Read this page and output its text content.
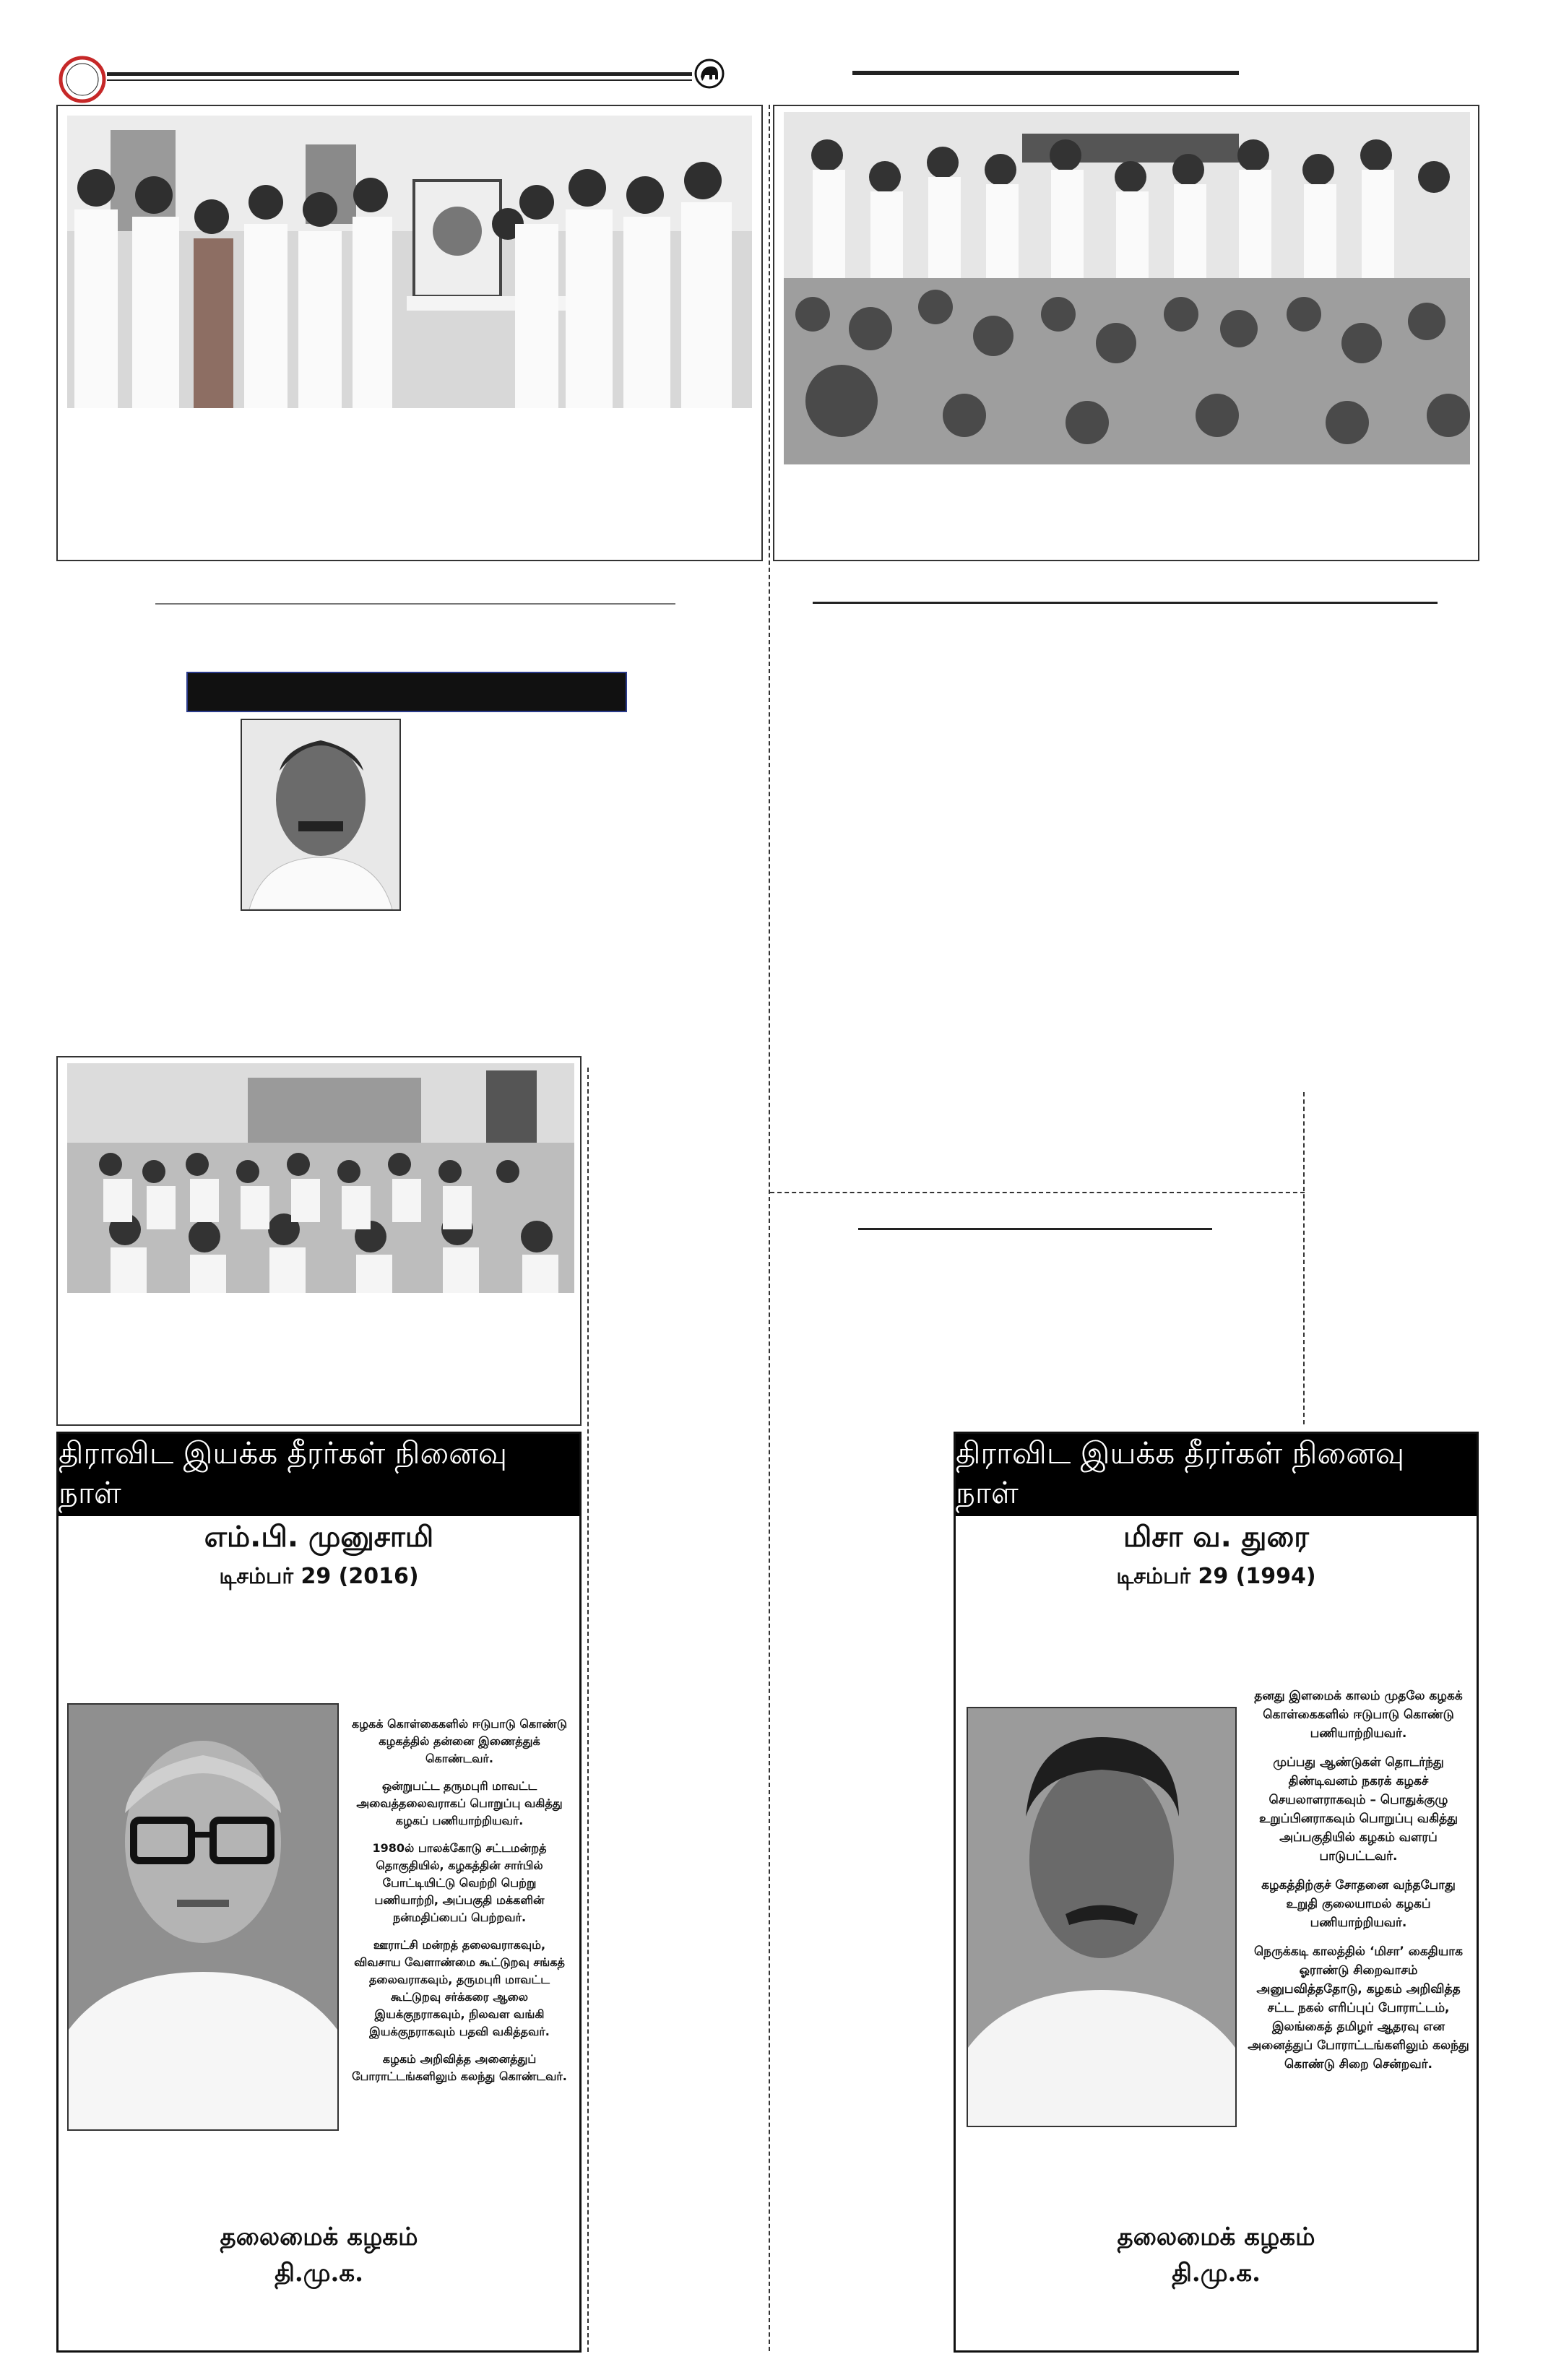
திராவிட இயக்க தீரர்கள் நினைவு நாள்
எம்.பி. முனுசாமி
டிசம்பர் 29 (2016)

கழகக் கொள்கைகளில் ஈடுபாடு கொண்டு கழகத்தில் தன்னை இணைத்துக் கொண்டவர்.

ஒன்றுபட்ட தருமபுரி மாவட்ட அவைத்தலைவராகப் பொறுப்பு வகித்து கழகப் பணியாற்றியவர்.

1980ல் பாலக்கோடு சட்டமன்றத் தொகுதியில், கழகத்தின் சார்பில் போட்டியிட்டு வெற்றி பெற்று பணியாற்றி, அப்பகுதி மக்களின் நன்மதிப்பைப் பெற்றவர்.

ஊராட்சி மன்றத் தலைவராகவும், விவசாய வேளாண்மை கூட்டுறவு சங்கத் தலைவராகவும், தருமபுரி மாவட்ட கூட்டுறவு சர்க்கரை ஆலை இயக்குநராகவும், நிலவள வங்கி இயக்குநராகவும் பதவி வகித்தவர்.

கழகம் அறிவித்த அனைத்துப் போராட்டங்களிலும் கலந்து கொண்டவர்.

தலைமைக் கழகம்
தி.மு.க.
திராவிட இயக்க தீரர்கள் நினைவு நாள்
மிசா வ. துரை
டிசம்பர் 29 (1994)

தனது இளமைக் காலம் முதலே கழகக் கொள்கைகளில் ஈடுபாடு கொண்டு பணியாற்றியவர்.

முப்பது ஆண்டுகள் தொடர்ந்து திண்டிவனம் நகரக் கழகச் செயலாளராகவும் – பொதுக்குழு உறுப்பினராகவும் பொறுப்பு வகித்து அப்பகுதியில் கழகம் வளரப் பாடுபட்டவர்.

கழகத்திற்குச் சோதனை வந்தபோது உறுதி குலையாமல் கழகப் பணியாற்றியவர்.

நெருக்கடி காலத்தில் ‘மிசா’ கைதியாக ஓராண்டு சிறைவாசம் அனுபவித்ததோடு, கழகம் அறிவித்த சட்ட நகல் எரிப்புப் போராட்டம், இலங்கைத் தமிழர் ஆதரவு என அனைத்துப் போராட்டங்களிலும் கலந்து கொண்டு சிறை சென்றவர்.

தலைமைக் கழகம்
தி.மு.க.
